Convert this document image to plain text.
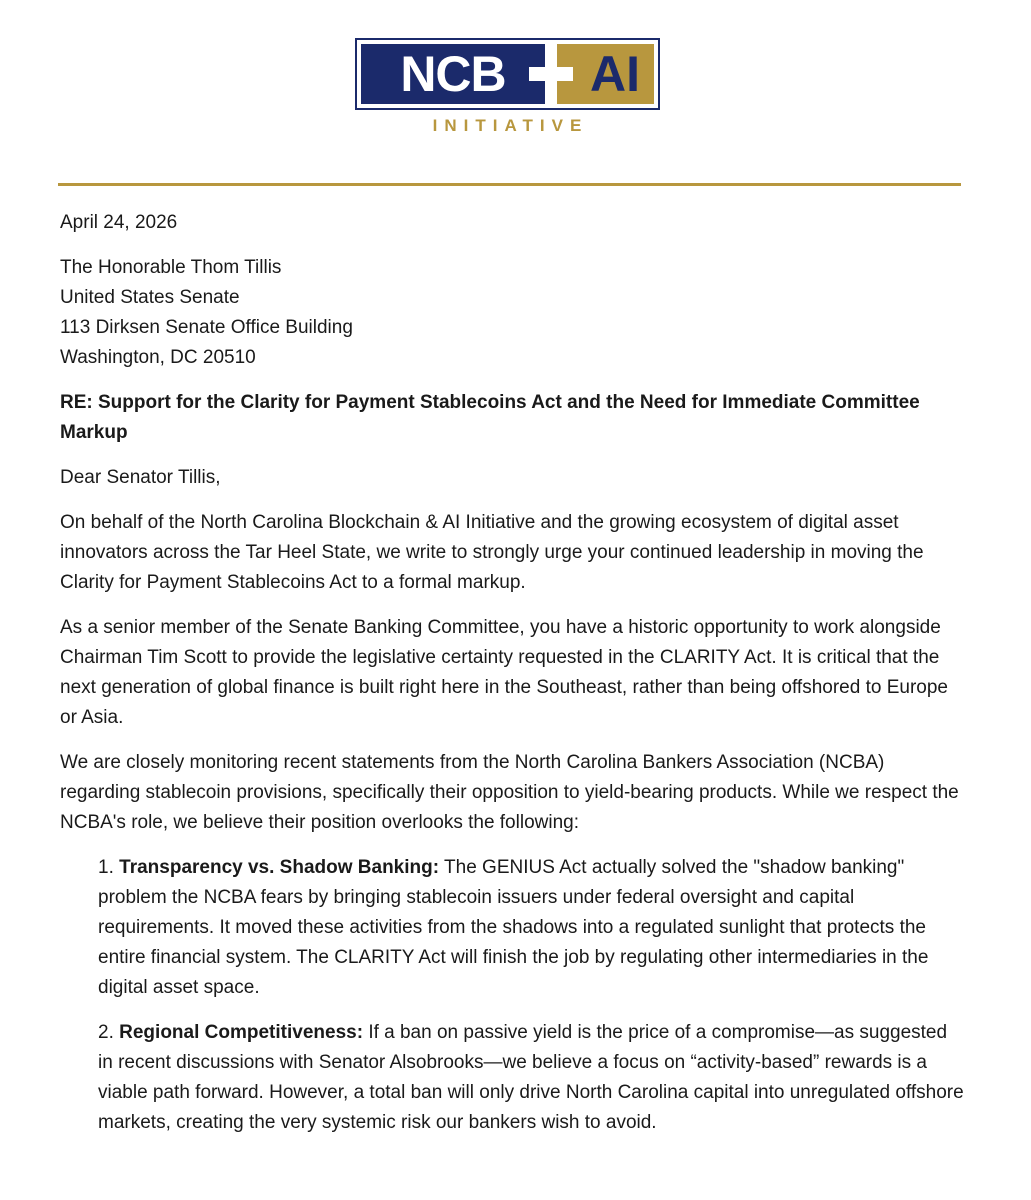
NCB	AI
INITIATIVE

April 24, 2026

The Honorable Thom Tillis
United States Senate
113 Dirksen Senate Office Building
Washington, DC 20510

RE: Support for the Clarity for Payment Stablecoins Act and the Need for Immediate Committee Markup

Dear Senator Tillis,

On behalf of the North Carolina Blockchain & AI Initiative and the growing ecosystem of digital asset innovators across the Tar Heel State, we write to strongly urge your continued leadership in moving the Clarity for Payment Stablecoins Act to a formal markup.

As a senior member of the Senate Banking Committee, you have a historic opportunity to work alongside Chairman Tim Scott to provide the legislative certainty requested in the CLARITY Act. It is critical that the next generation of global finance is built right here in the Southeast, rather than being offshored to Europe or Asia.

We are closely monitoring recent statements from the North Carolina Bankers Association (NCBA) regarding stablecoin provisions, specifically their opposition to yield-bearing products. While we respect the NCBA's role, we believe their position overlooks the following:

1. Transparency vs. Shadow Banking: The GENIUS Act actually solved the "shadow banking" problem the NCBA fears by bringing stablecoin issuers under federal oversight and capital requirements. It moved these activities from the shadows into a regulated sunlight that protects the entire financial system. The CLARITY Act will finish the job by regulating other intermediaries in the digital asset space.
2. Regional Competitiveness: If a ban on passive yield is the price of a compromise—as suggested in recent discussions with Senator Alsobrooks—we believe a focus on “activity-based” rewards is a viable path forward. However, a total ban will only drive North Carolina capital into unregulated offshore markets, creating the very systemic risk our bankers wish to avoid.
